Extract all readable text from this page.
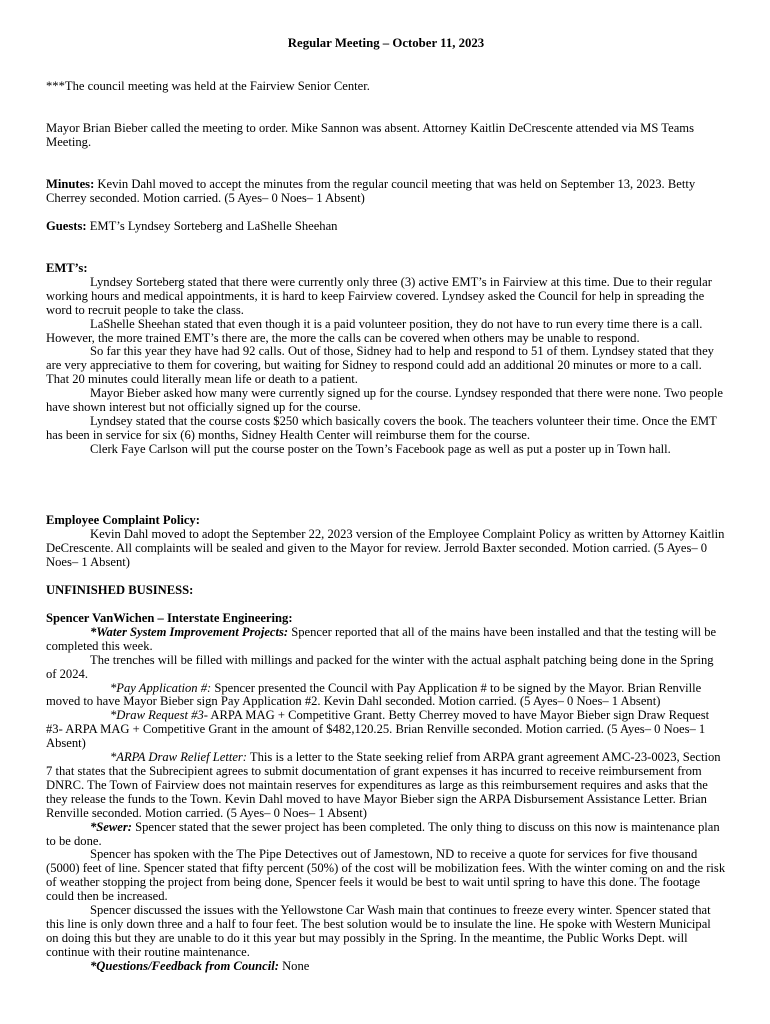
Regular Meeting – October 11, 2023
***The council meeting was held at the Fairview Senior Center.

Mayor Brian Bieber called the meeting to order. Mike Sannon was absent. Attorney Kaitlin DeCrescente attended via MS Teams Meeting.

Minutes: Kevin Dahl moved to accept the minutes from the regular council meeting that was held on September 13, 2023. Betty Cherrey seconded. Motion carried. (5 Ayes– 0 Noes– 1 Absent)

Guests: EMT’s Lyndsey Sorteberg and LaShelle Sheehan

EMT’s:

Lyndsey Sorteberg stated that there were currently only three (3) active EMT’s in Fairview at this time. Due to their regular working hours and medical appointments, it is hard to keep Fairview covered. Lyndsey asked the Council for help in spreading the word to recruit people to take the class.

LaShelle Sheehan stated that even though it is a paid volunteer position, they do not have to run every time there is a call. However, the more trained EMT’s there are, the more the calls can be covered when others may be unable to respond.

So far this year they have had 92 calls. Out of those, Sidney had to help and respond to 51 of them. Lyndsey stated that they are very appreciative to them for covering, but waiting for Sidney to respond could add an additional 20 minutes or more to a call. That 20 minutes could literally mean life or death to a patient.

Mayor Bieber asked how many were currently signed up for the course. Lyndsey responded that there were none. Two people have shown interest but not officially signed up for the course.

Lyndsey stated that the course costs $250 which basically covers the book. The teachers volunteer their time. Once the EMT has been in service for six (6) months, Sidney Health Center will reimburse them for the course.

Clerk Faye Carlson will put the course poster on the Town’s Facebook page as well as put a poster up in Town hall.

Employee Complaint Policy:

Kevin Dahl moved to adopt the September 22, 2023 version of the Employee Complaint Policy as written by Attorney Kaitlin DeCrescente. All complaints will be sealed and given to the Mayor for review. Jerrold Baxter seconded. Motion carried. (5 Ayes– 0 Noes– 1 Absent)

UNFINISHED BUSINESS:

Spencer VanWichen – Interstate Engineering:

*Water System Improvement Projects: Spencer reported that all of the mains have been installed and that the testing will be completed this week.

The trenches will be filled with millings and packed for the winter with the actual asphalt patching being done in the Spring of 2024.

*Pay Application #: Spencer presented the Council with Pay Application # to be signed by the Mayor. Brian Renville moved to have Mayor Bieber sign Pay Application #2. Kevin Dahl seconded. Motion carried. (5 Ayes– 0 Noes– 1 Absent)

*Draw Request #3- ARPA MAG + Competitive Grant. Betty Cherrey moved to have Mayor Bieber sign Draw Request #3- ARPA MAG + Competitive Grant in the amount of $482,120.25. Brian Renville seconded. Motion carried. (5 Ayes– 0 Noes– 1 Absent)

*ARPA Draw Relief Letter: This is a letter to the State seeking relief from ARPA grant agreement AMC-23-0023, Section 7 that states that the Subrecipient agrees to submit documentation of grant expenses it has incurred to receive reimbursement from DNRC. The Town of Fairview does not maintain reserves for expenditures as large as this reimbursement requires and asks that the they release the funds to the Town. Kevin Dahl moved to have Mayor Bieber sign the ARPA Disbursement Assistance Letter. Brian Renville seconded. Motion carried. (5 Ayes– 0 Noes– 1 Absent)

*Sewer: Spencer stated that the sewer project has been completed. The only thing to discuss on this now is maintenance plan to be done.

Spencer has spoken with the The Pipe Detectives out of Jamestown, ND to receive a quote for services for five thousand (5000) feet of line. Spencer stated that fifty percent (50%) of the cost will be mobilization fees. With the winter coming on and the risk of weather stopping the project from being done, Spencer feels it would be best to wait until spring to have this done. The footage could then be increased.

Spencer discussed the issues with the Yellowstone Car Wash main that continues to freeze every winter. Spencer stated that this line is only down three and a half to four feet. The best solution would be to insulate the line. He spoke with Western Municipal on doing this but they are unable to do it this year but may possibly in the Spring. In the meantime, the Public Works Dept. will continue with their routine maintenance.

*Questions/Feedback from Council: None
